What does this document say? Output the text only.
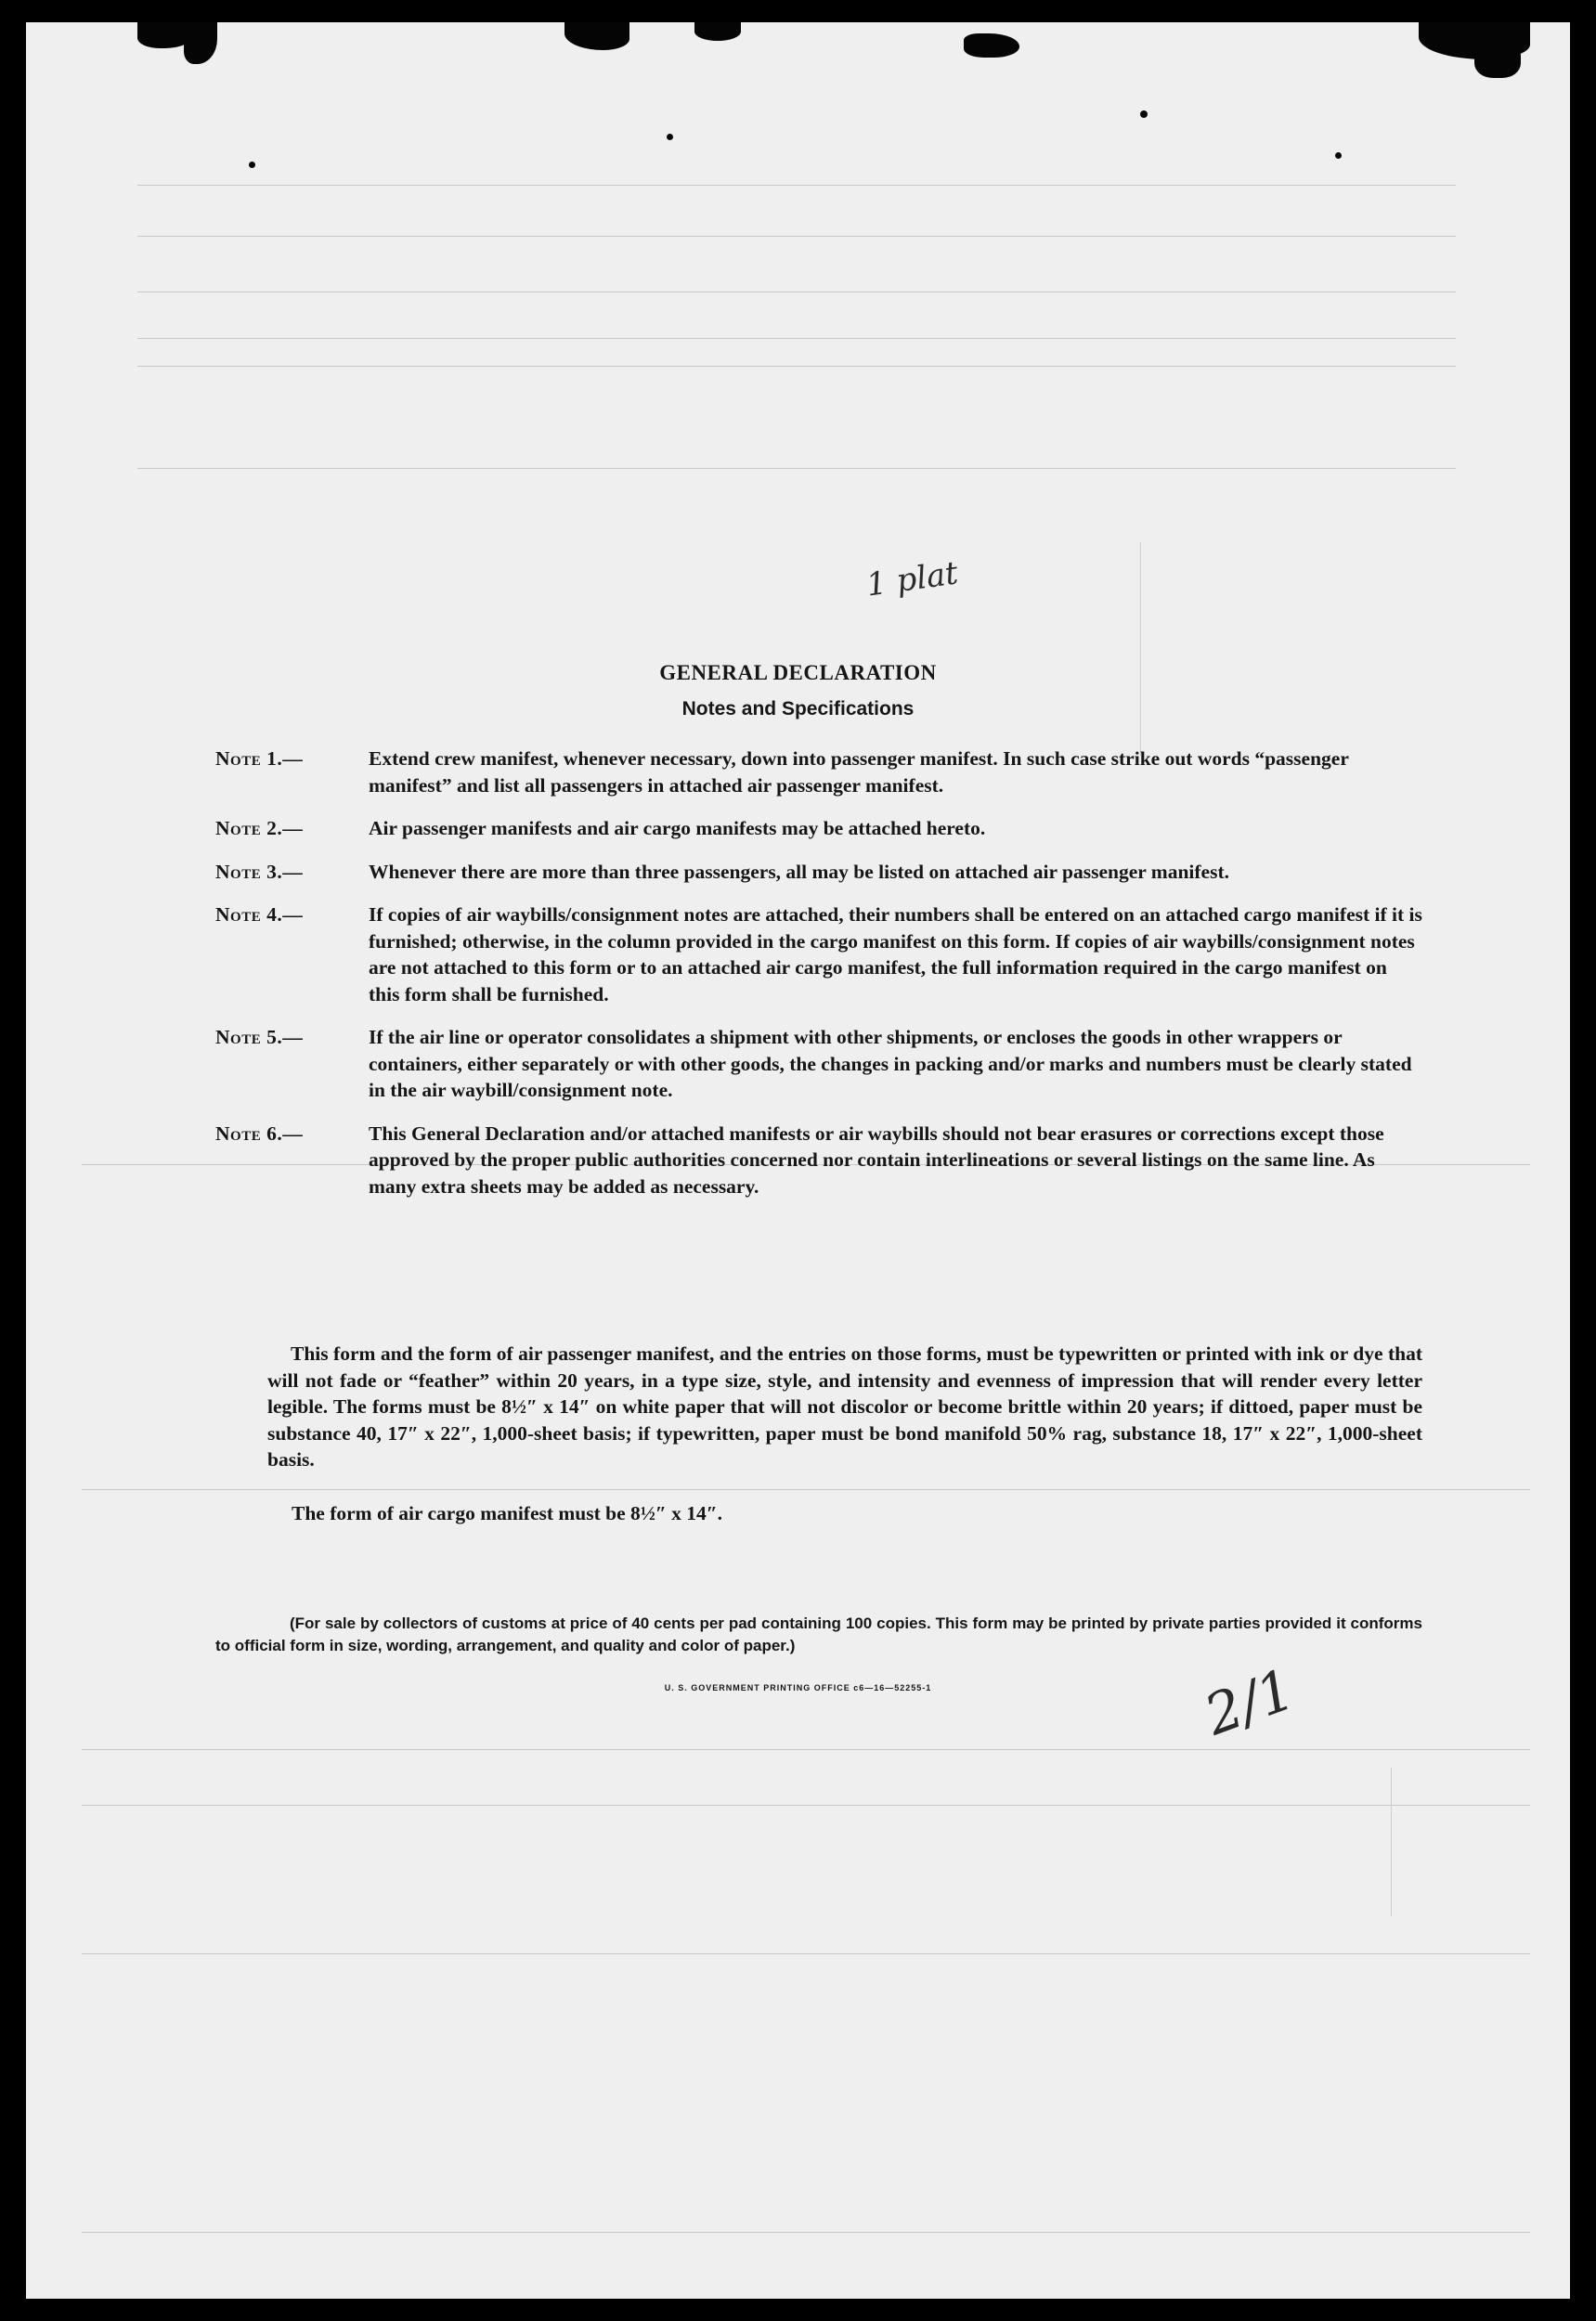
GENERAL DECLARATION
Notes and Specifications
Note 1.—	Extend crew manifest, whenever necessary, down into passenger manifest. In such case strike out words “passenger manifest” and list all passengers in attached air passenger manifest.
Note 2.—	Air passenger manifests and air cargo manifests may be attached hereto.
Note 3.—	Whenever there are more than three passengers, all may be listed on attached air passenger manifest.
Note 4.—	If copies of air waybills/consignment notes are attached, their numbers shall be entered on an attached cargo manifest if it is furnished; otherwise, in the column provided in the cargo manifest on this form. If copies of air waybills/consignment notes are not attached to this form or to an attached air cargo manifest, the full information required in the cargo manifest on this form shall be furnished.
Note 5.—	If the air line or operator consolidates a shipment with other shipments, or encloses the goods in other wrappers or containers, either separately or with other goods, the changes in packing and/or marks and numbers must be clearly stated in the air waybill/consignment note.
Note 6.—	This General Declaration and/or attached manifests or air waybills should not bear erasures or corrections except those approved by the proper public authorities concerned nor contain interlineations or several listings on the same line. As many extra sheets may be added as necessary.
This form and the form of air passenger manifest, and the entries on those forms, must be typewritten or printed with ink or dye that will not fade or “feather” within 20 years, in a type size, style, and intensity and evenness of impression that will render every letter legible. The forms must be 8½″ x 14″ on white paper that will not discolor or become brittle within 20 years; if dittoed, paper must be substance 40, 17″ x 22″, 1,000-sheet basis; if typewritten, paper must be bond manifold 50% rag, substance 18, 17″ x 22″, 1,000-sheet basis.
The form of air cargo manifest must be 8½″ x 14″.
(For sale by collectors of customs at price of 40 cents per pad containing 100 copies. This form may be printed by private parties provided it conforms to official form in size, wording, arrangement, and quality and color of paper.)
U. S. GOVERNMENT PRINTING OFFICE c6—16—52255-1
1 plat
2/1
